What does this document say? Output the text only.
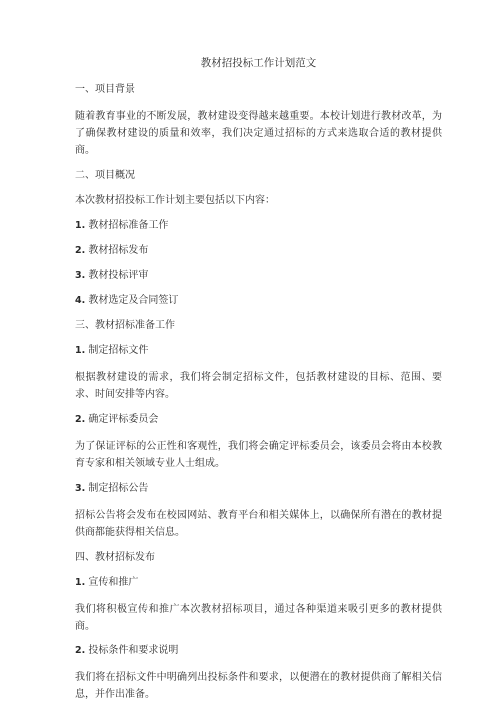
教材招投标工作计划范文
一、项目背景
随着教育事业的不断发展，教材建设变得越来越重要。本校计划进行教材改革，为了确保教材建设的质量和效率，我们决定通过招标的方式来选取合适的教材提供商。
二、项目概况
本次教材招投标工作计划主要包括以下内容：
1. 教材招标准备工作
2. 教材招标发布
3. 教材投标评审
4. 教材选定及合同签订
三、教材招标准备工作
1. 制定招标文件
根据教材建设的需求，我们将会制定招标文件，包括教材建设的目标、范围、要求、时间安排等内容。
2. 确定评标委员会
为了保证评标的公正性和客观性，我们将会确定评标委员会，该委员会将由本校教育专家和相关领域专业人士组成。
3. 制定招标公告
招标公告将会发布在校园网站、教育平台和相关媒体上，以确保所有潜在的教材提供商都能获得相关信息。
四、教材招标发布
1. 宣传和推广
我们将积极宣传和推广本次教材招标项目，通过各种渠道来吸引更多的教材提供商。
2. 投标条件和要求说明
我们将在招标文件中明确列出投标条件和要求，以便潜在的教材提供商了解相关信息，并作出准备。
